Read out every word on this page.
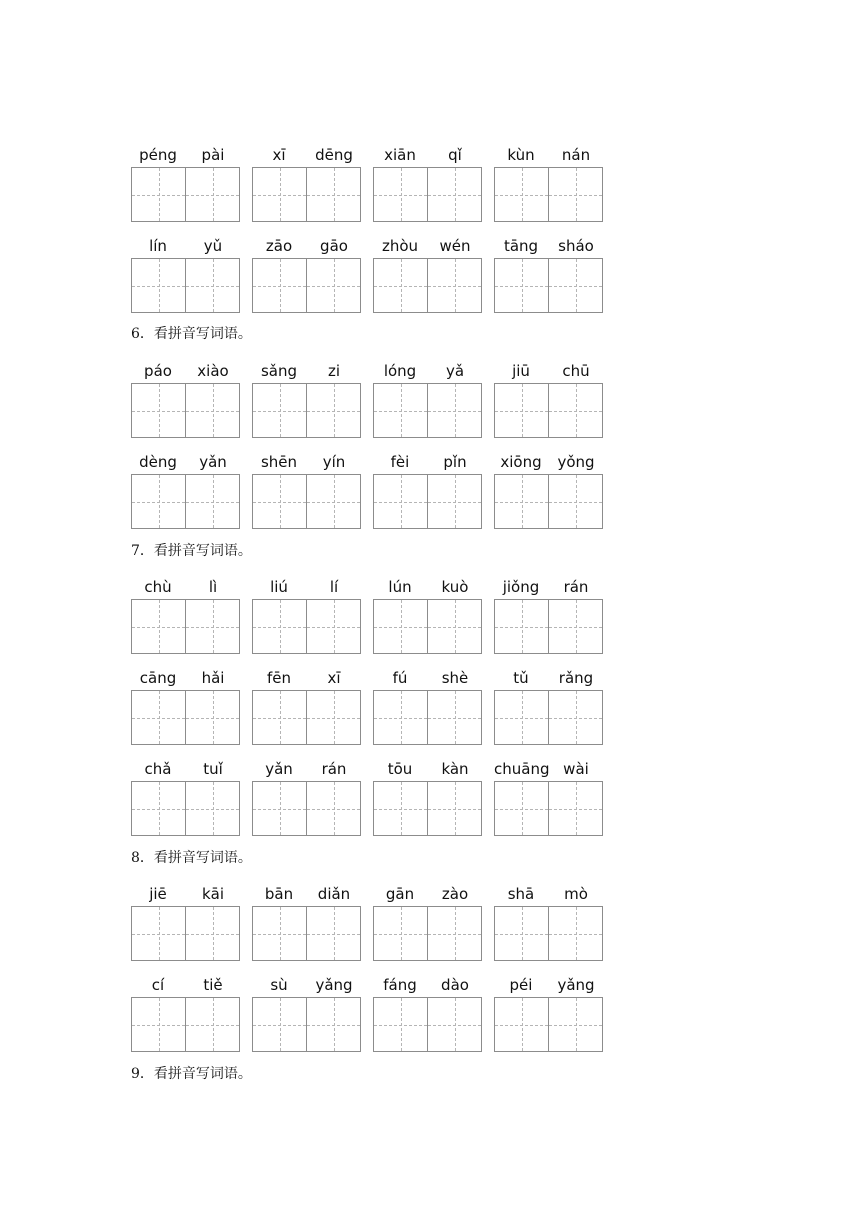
péng	pài	xī	dēng	xiān	qǐ	kùn	nán
lín	yǔ	zāo	gāo	zhòu	wén	tāng	sháo
6．看拼音写词语。
páo	xiào	sǎng	zi	lóng	yǎ	jiū	chū
dèng	yǎn	shēn	yín	fèi	pǐn	xiōng	yǒng
7．看拼音写词语。
chù	lì	liú	lí	lún	kuò	jiǒng	rán
cāng	hǎi	fēn	xī	fú	shè	tǔ	rǎng
chǎ	tuǐ	yǎn	rán	tōu	kàn	chuāng wài
8．看拼音写词语。
jiē	kāi	bān	diǎn	gān	zào	shā	mò
cí	tiě	sù	yǎng	fáng	dào	péi	yǎng
9．看拼音写词语。
